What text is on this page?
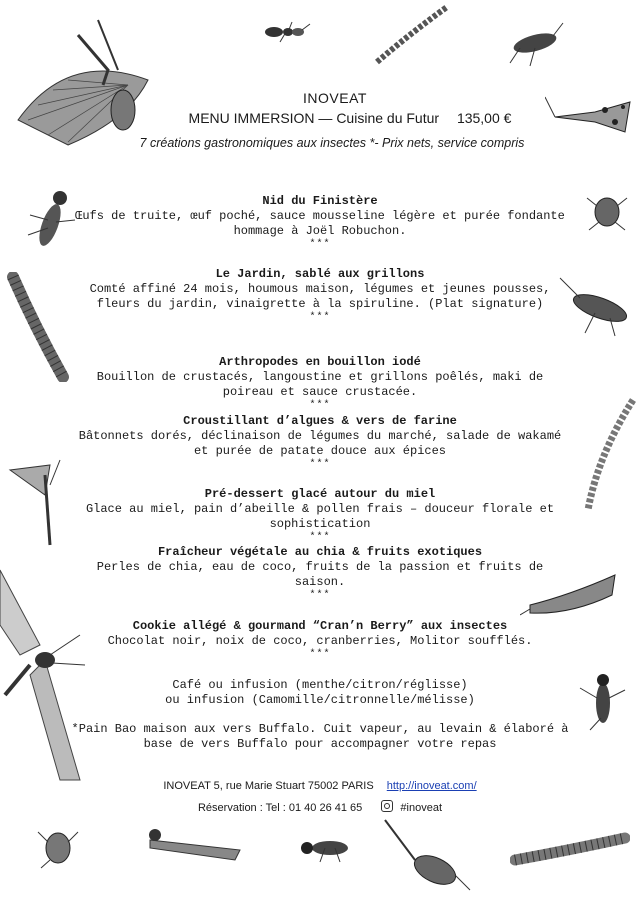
INOVEAT
MENU IMMERSION — Cuisine du Futur 135,00 €
7 créations gastronomiques aux insectes *- Prix nets, service compris
Nid du Finistère
Œufs de truite, œuf poché, sauce mousseline légère et purée fondante hommage à Joël Robuchon.
***
Le Jardin, sablé aux grillons
Comté affiné 24 mois, houmous maison, légumes et jeunes pousses, fleurs du jardin, vinaigrette à la spiruline. (Plat signature)
***
Arthropodes en bouillon iodé
Bouillon de crustacés, langoustine et grillons poêlés, maki de poireau et sauce crustacée.
***
Croustillant d’algues & vers de farine
Bâtonnets dorés, déclinaison de légumes du marché, salade de wakamé et purée de patate douce aux épices
***
Pré-dessert glacé autour du miel
Glace au miel, pain d’abeille & pollen frais – douceur florale et sophistication
***
Fraîcheur végétale au chia & fruits exotiques
Perles de chia, eau de coco, fruits de la passion et fruits de saison.
***
Cookie allégé & gourmand “Cran’n Berry” aux insectes
Chocolat noir, noix de coco, cranberries, Molitor soufflés.
***
Café ou infusion (menthe/citron/réglisse)
ou infusion (Camomille/citronnelle/mélisse)
*Pain Bao maison aux vers Buffalo. Cuit vapeur, au levain & élaboré à base de vers Buffalo pour accompagner votre repas
INOVEAT 5, rue Marie Stuart 75002 PARIS http://inoveat.com/
Réservation : Tel : 01 40 26 41 65	#inoveat
